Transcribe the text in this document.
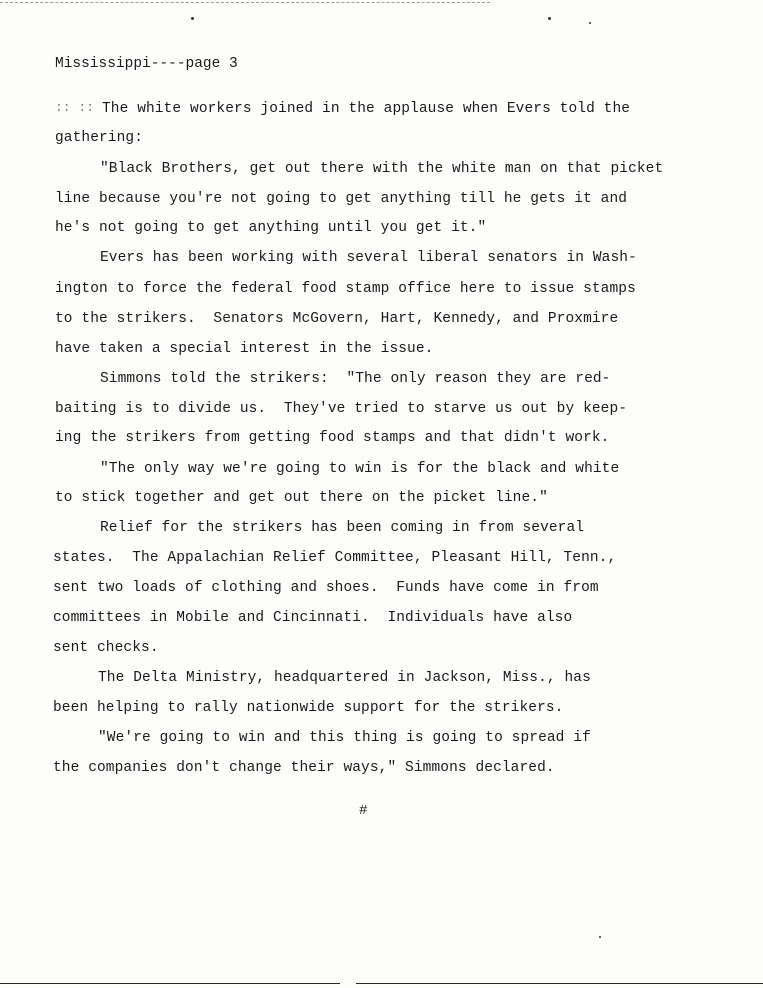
Mississippi----page 3
:: :: The white workers joined in the applause when Evers told the
gathering:
"Black Brothers, get out there with the white man on that picket
line because you're not going to get anything till he gets it and
he's not going to get anything until you get it."
Evers has been working with several liberal senators in Wash-
ington to force the federal food stamp office here to issue stamps
to the strikers.  Senators McGovern, Hart, Kennedy, and Proxmire
have taken a special interest in the issue.
Simmons told the strikers:  "The only reason they are red-
baiting is to divide us.  They've tried to starve us out by keep-
ing the strikers from getting food stamps and that didn't work.
"The only way we're going to win is for the black and white
to stick together and get out there on the picket line."
Relief for the strikers has been coming in from several
states.  The Appalachian Relief Committee, Pleasant Hill, Tenn.,
sent two loads of clothing and shoes.  Funds have come in from
committees in Mobile and Cincinnati.  Individuals have also
sent checks.
The Delta Ministry, headquartered in Jackson, Miss., has
been helping to rally nationwide support for the strikers.
"We're going to win and this thing is going to spread if
the companies don't change their ways," Simmons declared.
#
